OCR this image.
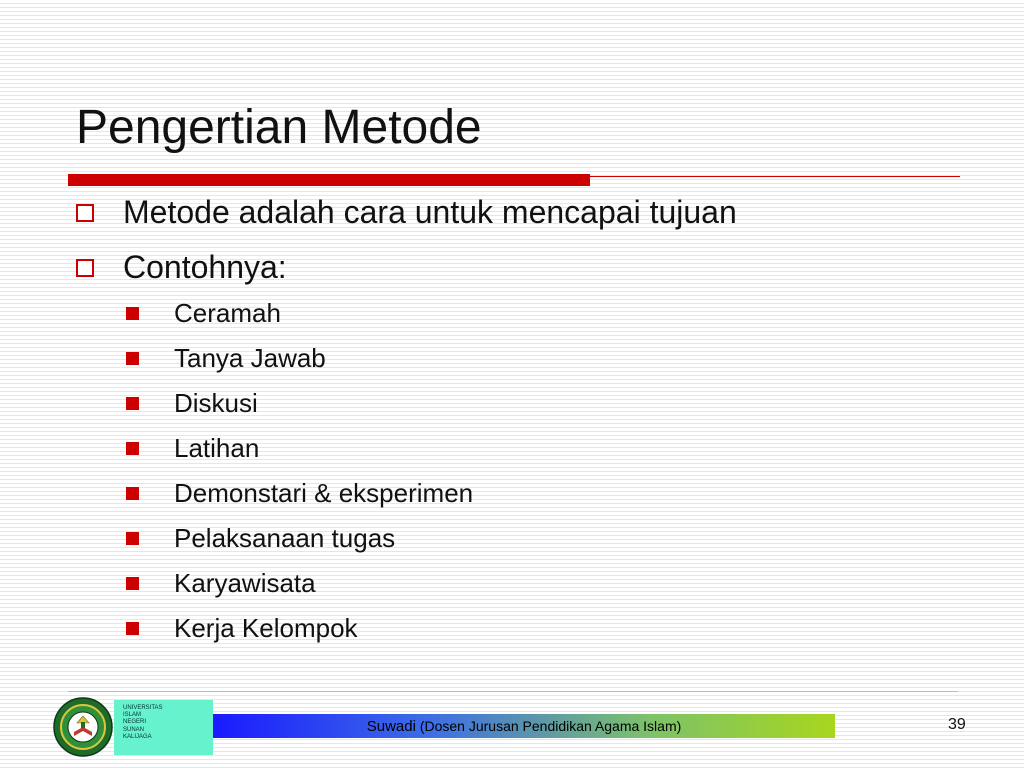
Pengertian Metode
Metode adalah cara untuk mencapai tujuan
Contohnya:
Ceramah
Tanya Jawab
Diskusi
Latihan
Demonstari & eksperimen
Pelaksanaan tugas
Karyawisata
Kerja Kelompok
UNIVERSITAS
ISLAM
NEGERI
SUNAN
KALIJAGA
Suwadi (Dosen Jurusan Pendidikan Agama Islam)	39
